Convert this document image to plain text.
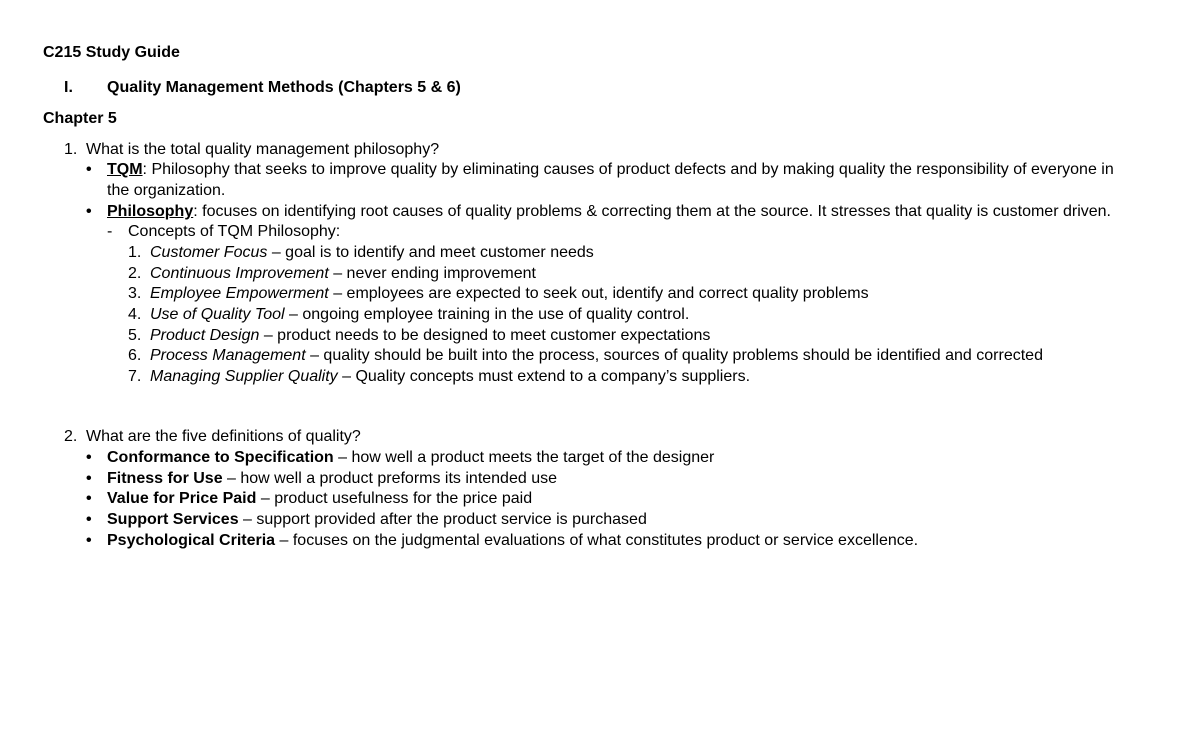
C215 Study Guide
I. Quality Management Methods (Chapters 5 & 6)
Chapter 5
1. What is the total quality management philosophy?
• TQM: Philosophy that seeks to improve quality by eliminating causes of product defects and by making quality the responsibility of everyone in
the organization.
• Philosophy: focuses on identifying root causes of quality problems & correcting them at the source. It stresses that quality is customer driven.
- Concepts of TQM Philosophy:
1. Customer Focus – goal is to identify and meet customer needs
2. Continuous Improvement – never ending improvement
3. Employee Empowerment – employees are expected to seek out, identify and correct quality problems
4. Use of Quality Tool – ongoing employee training in the use of quality control.
5. Product Design – product needs to be designed to meet customer expectations
6. Process Management – quality should be built into the process, sources of quality problems should be identified and corrected
7. Managing Supplier Quality – Quality concepts must extend to a company’s suppliers.
2. What are the five definitions of quality?
• Conformance to Specification – how well a product meets the target of the designer
• Fitness for Use – how well a product preforms its intended use
• Value for Price Paid – product usefulness for the price paid
• Support Services – support provided after the product service is purchased
• Psychological Criteria – focuses on the judgmental evaluations of what constitutes product or service excellence.
